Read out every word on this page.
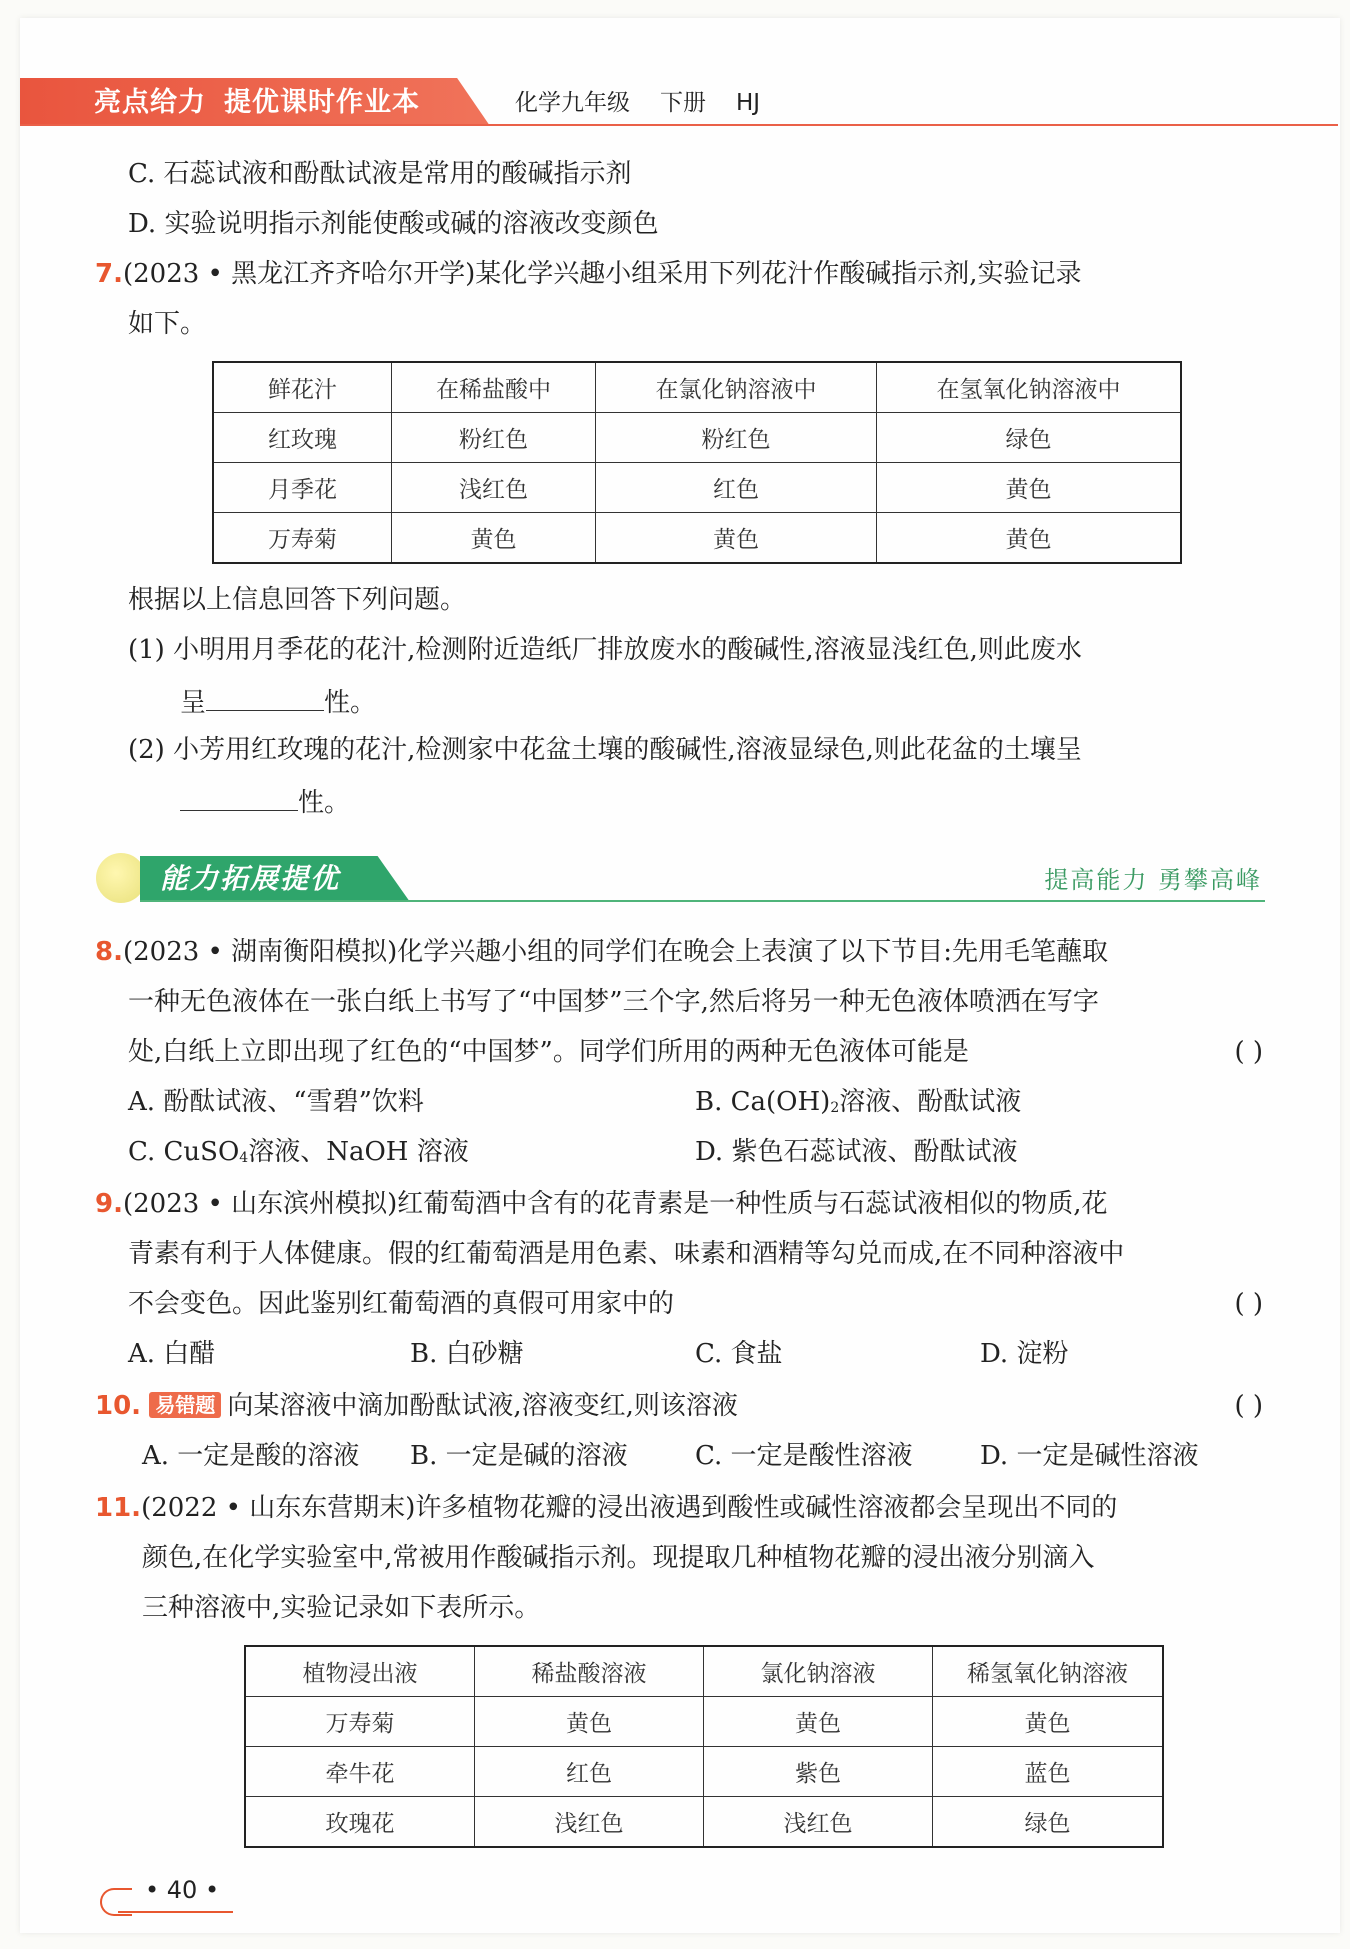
亮点给力 提优课时作业本	化学九年级 下册 HJ
C. 石蕊试液和酚酞试液是常用的酸碱指示剂
D. 实验说明指示剂能使酸或碱的溶液改变颜色
7.(2023 • 黑龙江齐齐哈尔开学)某化学兴趣小组采用下列花汁作酸碱指示剂,实验记录
如下。
鲜花汁	在稀盐酸中	在氯化钠溶液中	在氢氧化钠溶液中
红玫瑰	粉红色	粉红色	绿色
月季花	浅红色	红色	黄色
万寿菊	黄色	黄色	黄色
根据以上信息回答下列问题。
(1) 小明用月季花的花汁,检测附近造纸厂排放废水的酸碱性,溶液显浅红色,则此废水
呈	性。
(2) 小芳用红玫瑰的花汁,检测家中花盆土壤的酸碱性,溶液显绿色,则此花盆的土壤呈
性。
能力拓展提优	提高能力 勇攀高峰
8.(2023 • 湖南衡阳模拟)化学兴趣小组的同学们在晚会上表演了以下节目:先用毛笔蘸取
一种无色液体在一张白纸上书写了“中国梦”三个字,然后将另一种无色液体喷洒在写字
处,白纸上立即出现了红色的“中国梦”。同学们所用的两种无色液体可能是	( )
A. 酚酞试液、“雪碧”饮料	B. $Ca(OH)_2$溶液、酚酞试液
C. CuSO$_4$溶液、NaOH 溶液	D. 紫色石蕊试液、酚酞试液
9.(2023 • 山东滨州模拟)红葡萄酒中含有的花青素是一种性质与石蕊试液相似的物质,花
青素有利于人体健康。假的红葡萄酒是用色素、味素和酒精等勾兑而成,在不同种溶液中
不会变色。因此鉴别红葡萄酒的真假可用家中的	( )
A. 白醋	B. 白砂糖	C. 食盐	D. 淀粉
10. 易错题 向某溶液中滴加酚酞试液,溶液变红,则该溶液	( )
A. 一定是酸的溶液 B. 一定是碱的溶液	C. 一定是酸性溶液	D. 一定是碱性溶液
11.(2022 • 山东东营期末)许多植物花瓣的浸出液遇到酸性或碱性溶液都会呈现出不同的
颜色,在化学实验室中,常被用作酸碱指示剂。现提取几种植物花瓣的浸出液分别滴入
三种溶液中,实验记录如下表所示。
植物浸出液	稀盐酸溶液	氯化钠溶液	稀氢氧化钠溶液
万寿菊	黄色	黄色	黄色
牵牛花	红色	紫色	蓝色
玫瑰花	浅红色	浅红色	绿色
• 40 •
